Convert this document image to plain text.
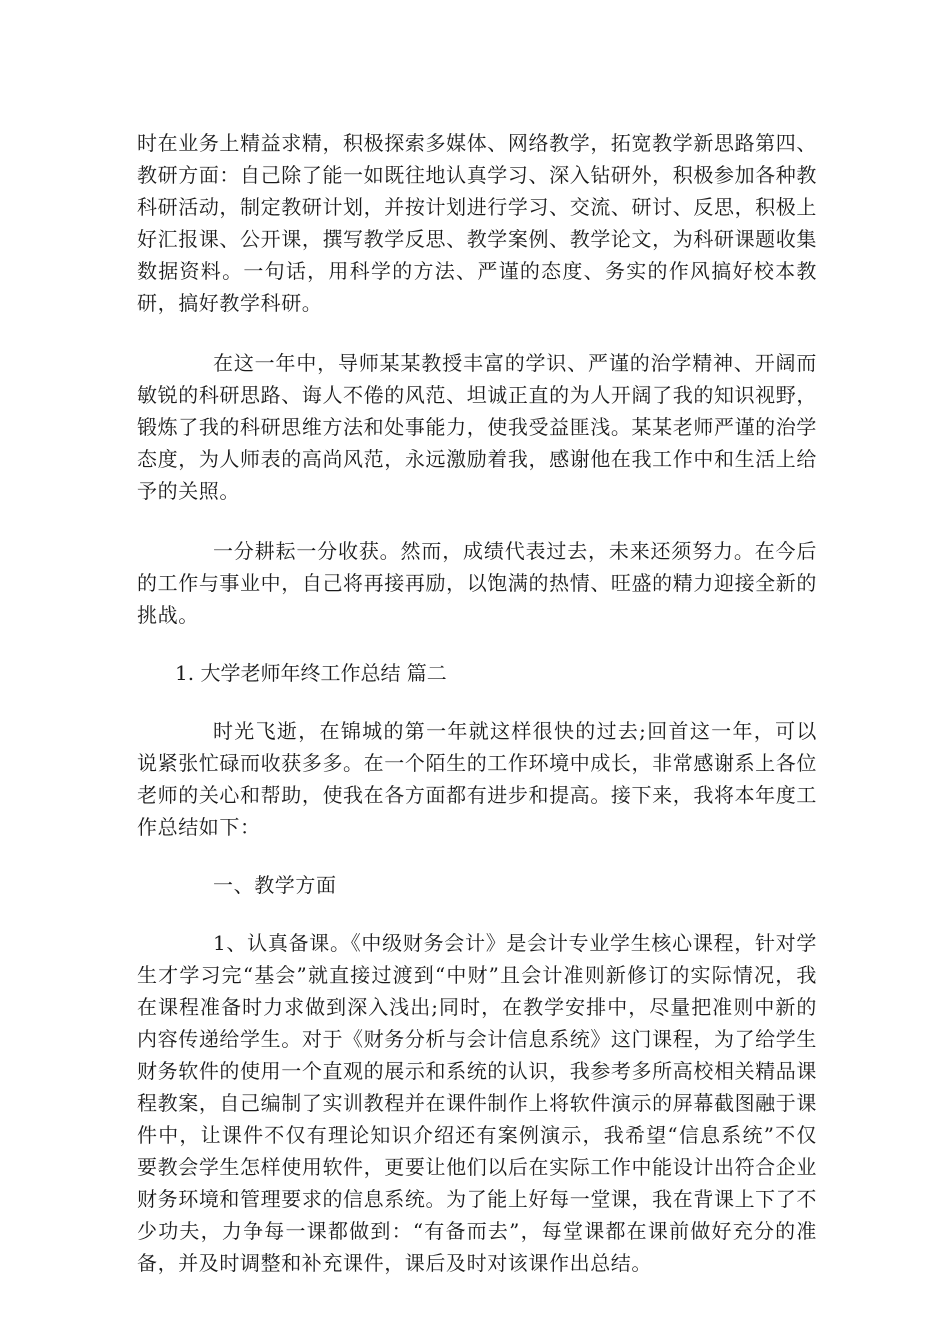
时在业务上精益求精，积极探索多媒体、网络教学，拓宽教学新思路第四、教研方面：自己除了能一如既往地认真学习、深入钻研外，积极参加各种教科研活动，制定教研计划，并按计划进行学习、交流、研讨、反思，积极上好汇报课、公开课，撰写教学反思、教学案例、教学论文，为科研课题收集数据资料。一句话，用科学的方法、严谨的态度、务实的作风搞好校本教研，搞好教学科研。

在这一年中，导师某某教授丰富的学识、严谨的治学精神、开阔而敏锐的科研思路、诲人不倦的风范、坦诚正直的为人开阔了我的知识视野，锻炼了我的科研思维方法和处事能力，使我受益匪浅。某某老师严谨的治学态度，为人师表的高尚风范，永远激励着我，感谢他在我工作中和生活上给予的关照。

一分耕耘一分收获。然而，成绩代表过去，未来还须努力。在今后的工作与事业中，自己将再接再励，以饱满的热情、旺盛的精力迎接全新的挑战。

1. 大学老师年终工作总结 篇二

时光飞逝，在锦城的第一年就这样很快的过去;回首这一年，可以说紧张忙碌而收获多多。在一个陌生的工作环境中成长，非常感谢系上各位老师的关心和帮助，使我在各方面都有进步和提高。接下来，我将本年度工作总结如下：

一、教学方面

1、认真备课。《中级财务会计》是会计专业学生核心课程，针对学生才学习完“基会”就直接过渡到“中财”且会计准则新修订的实际情况，我在课程准备时力求做到深入浅出;同时，在教学安排中，尽量把准则中新的内容传递给学生。对于《财务分析与会计信息系统》这门课程，为了给学生财务软件的使用一个直观的展示和系统的认识，我参考多所高校相关精品课程教案，自己编制了实训教程并在课件制作上将软件演示的屏幕截图融于课件中，让课件不仅有理论知识介绍还有案例演示，我希望“信息系统”不仅要教会学生怎样使用软件，更要让他们以后在实际工作中能设计出符合企业财务环境和管理要求的信息系统。为了能上好每一堂课，我在背课上下了不少功夫，力争每一课都做到：“有备而去”，每堂课都在课前做好充分的准备，并及时调整和补充课件，课后及时对该课作出总结。
